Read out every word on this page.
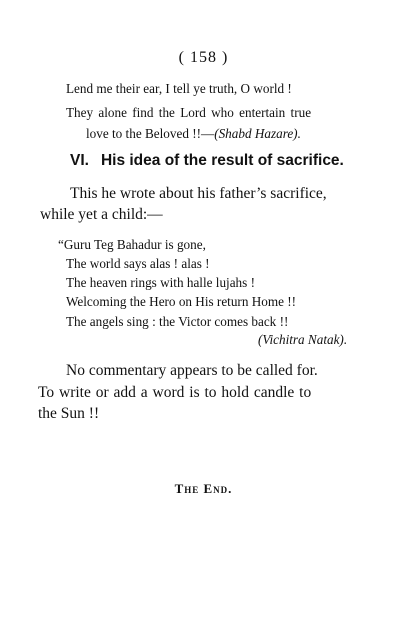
( 158 )
Lend me their ear, I tell ye truth, O world !
They alone find the Lord who entertain true
love to the Beloved !!—(Shabd Hazare).
VI. His idea of the result of sacrifice.
This he wrote about his father’s sacrifice,
while yet a child:—
“Guru Teg Bahadur is gone,
The world says alas ! alas !
The heaven rings with halle lujahs !
Welcoming the Hero on His return Home !!
The angels sing : the Victor comes back !!
(Vichitra Natak).
No commentary appears to be called for.
To write or add a word is to hold candle to
the Sun !!
The End.
